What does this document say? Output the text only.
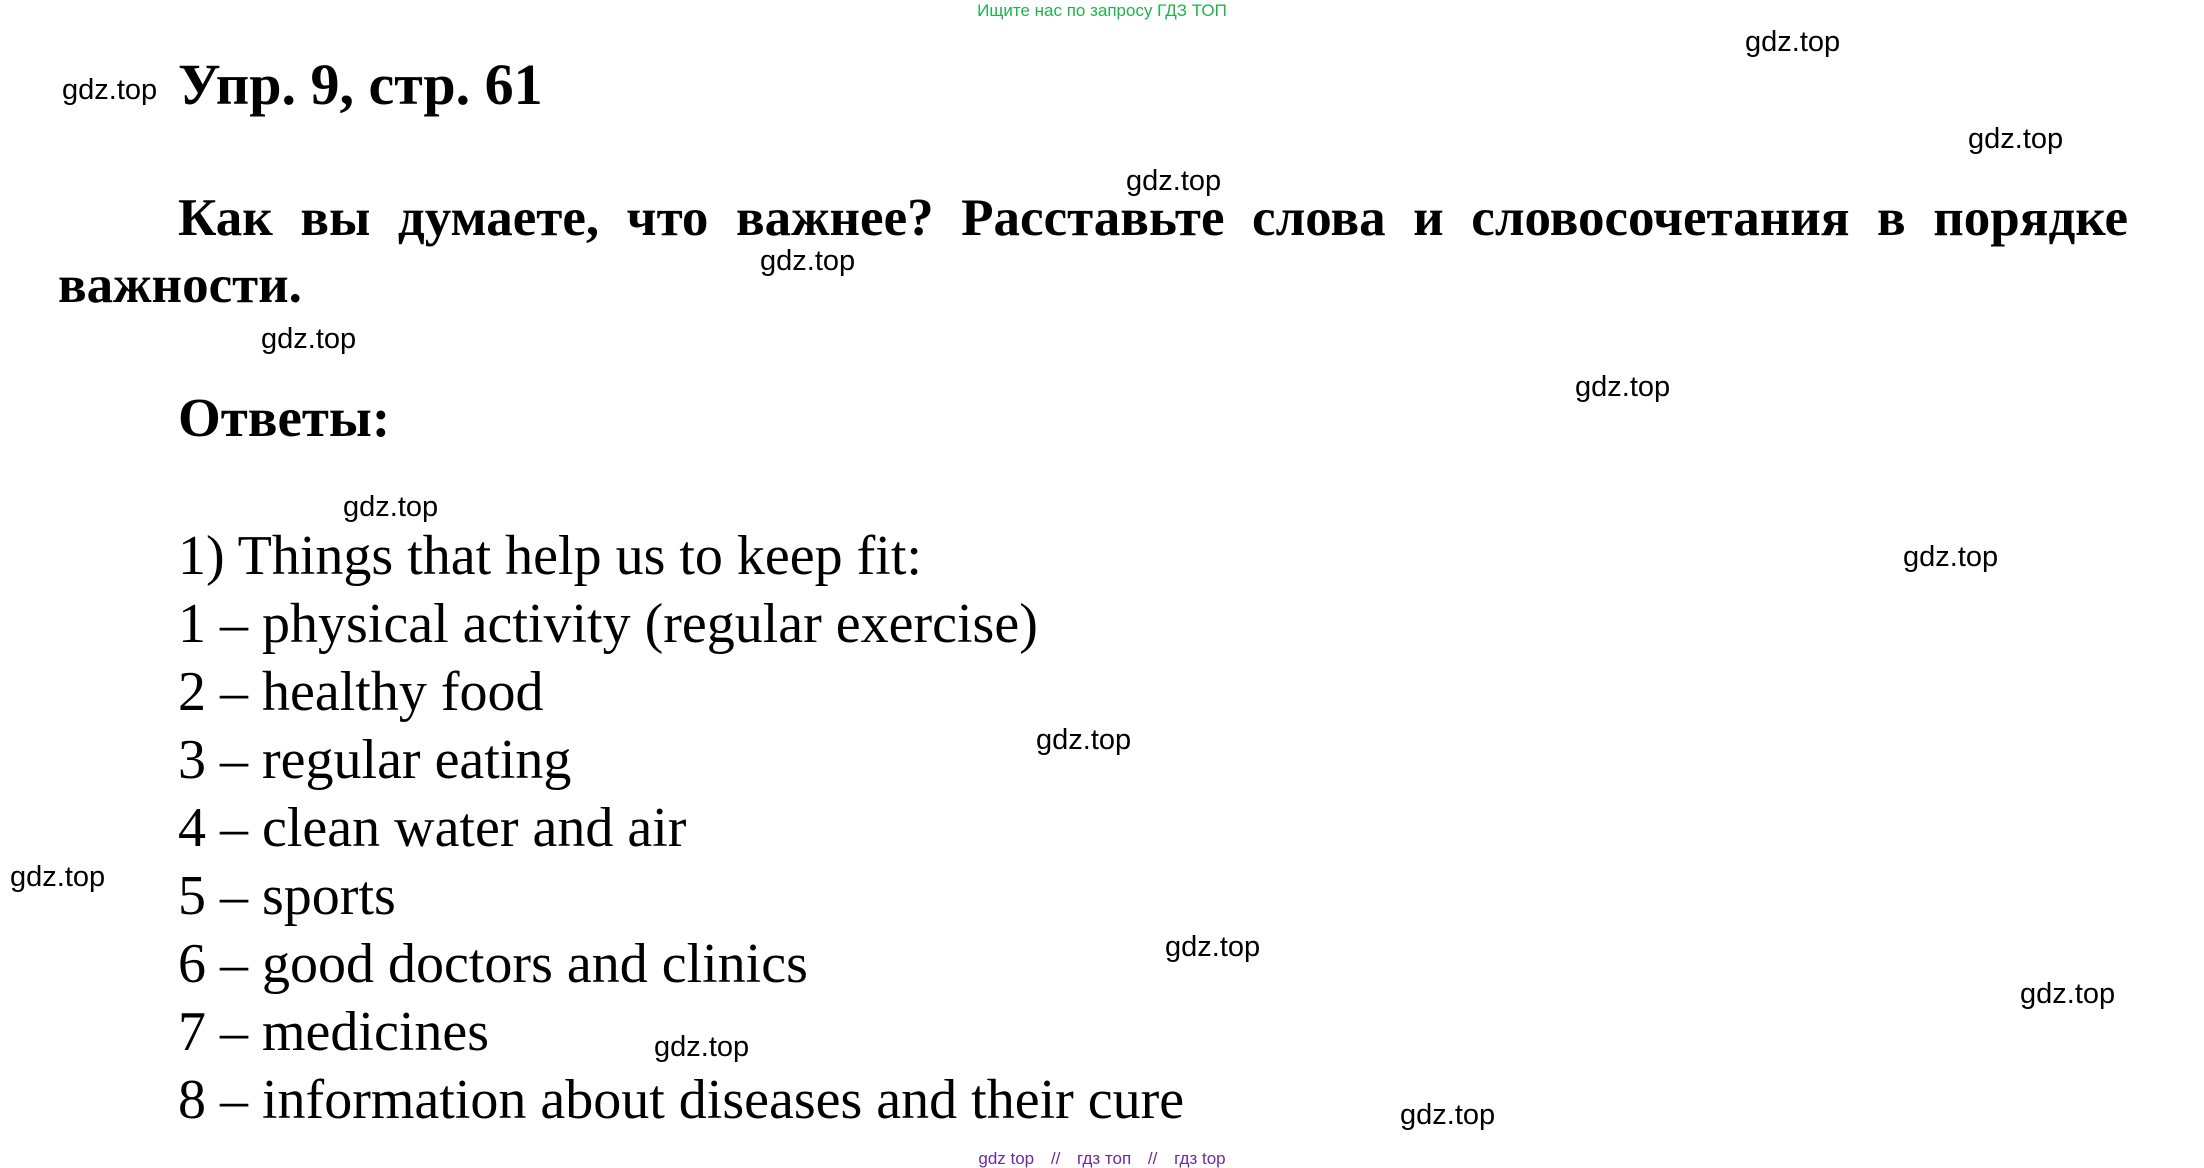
Ищите нас по запросу ГДЗ ТОП
gdz.top
gdz.top
gdz.top
gdz.top
gdz.top
gdz.top
gdz.top
gdz.top
gdz.top
gdz.top
gdz.top
gdz.top
gdz.top
gdz.top
gdz.top
Упр. 9, стр. 61
Как вы думаете, что важнее? Расставьте слова и словосочетания в порядке важности.
Ответы:
1) Things that help us to keep fit:
1 – physical activity (regular exercise)
2 – healthy food
3 – regular eating
4 – clean water and air
5 – sports
6 – good doctors and clinics
7 – medicines
8 – information about diseases and their cure
gdz top // гдз топ // гдз top
